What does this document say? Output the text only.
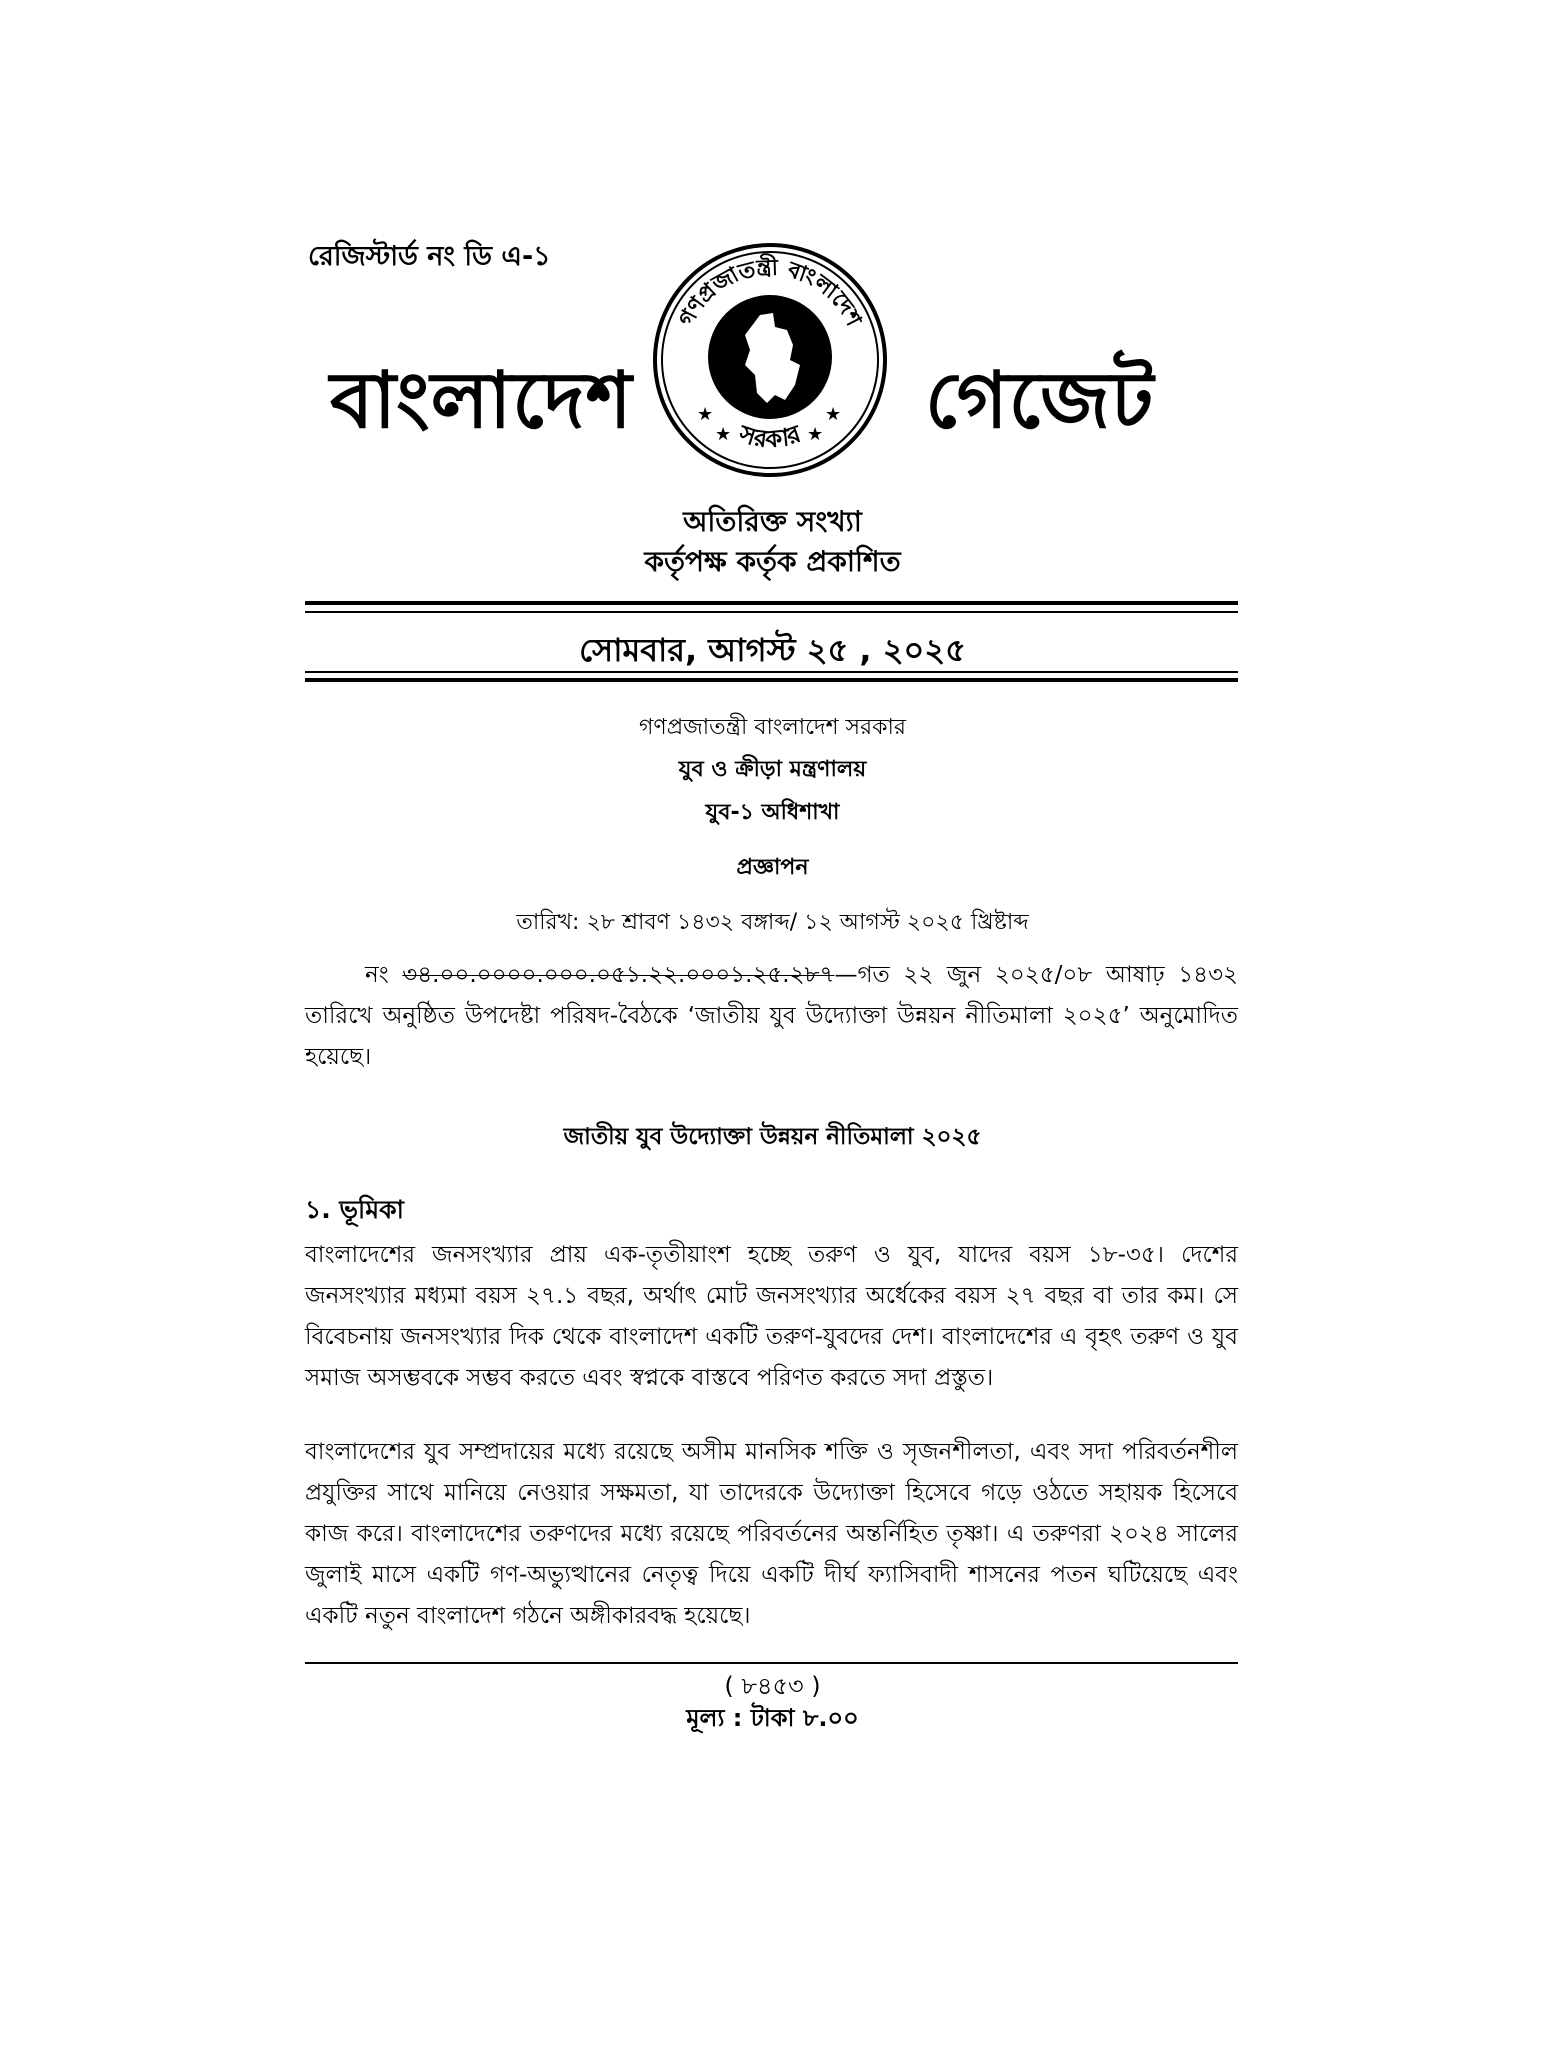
রেজিস্টার্ড নং ডি এ-১
বাংলাদেশ
গণপ্রজাতন্ত্রী বাংলাদেশ
সরকার
★
★
★
★ গেজেট
অতিরিক্ত সংখ্যা
কর্তৃপক্ষ কর্তৃক প্রকাশিত
সোমবার, আগস্ট ২৫ , ২০২৫
গণপ্রজাতন্ত্রী বাংলাদেশ সরকার
যুব ও ক্রীড়া মন্ত্রণালয়
যুব-১ অধিশাখা
প্রজ্ঞাপন
তারিখ: ২৮ শ্রাবণ ১৪৩২ বঙ্গাব্দ/ ১২ আগস্ট ২০২৫ খ্রিষ্টাব্দ
নং ৩৪.০০.০০০০.০০০.০৫১.২২.০০০১.২৫.২৮৭—গত ২২ জুন ২০২৫/০৮ আষাঢ় ১৪৩২ তারিখে অনুষ্ঠিত উপদেষ্টা পরিষদ-বৈঠকে ‘জাতীয় যুব উদ্যোক্তা উন্নয়ন নীতিমালা ২০২৫’ অনুমোদিত হয়েছে।
জাতীয় যুব উদ্যোক্তা উন্নয়ন নীতিমালা ২০২৫
১. ভূমিকা
বাংলাদেশের জনসংখ্যার প্রায় এক-তৃতীয়াংশ হচ্ছে তরুণ ও যুব, যাদের বয়স ১৮-৩৫। দেশের জনসংখ্যার মধ্যমা বয়স ২৭.১ বছর, অর্থাৎ মোট জনসংখ্যার অর্ধেকের বয়স ২৭ বছর বা তার কম। সে বিবেচনায় জনসংখ্যার দিক থেকে বাংলাদেশ একটি তরুণ-যুবদের দেশ। বাংলাদেশের এ বৃহৎ তরুণ ও যুব সমাজ অসম্ভবকে সম্ভব করতে এবং স্বপ্নকে বাস্তবে পরিণত করতে সদা প্রস্তুত।
বাংলাদেশের যুব সম্প্রদায়ের মধ্যে রয়েছে অসীম মানসিক শক্তি ও সৃজনশীলতা, এবং সদা পরিবর্তনশীল প্রযুক্তির সাথে মানিয়ে নেওয়ার সক্ষমতা, যা তাদেরকে উদ্যোক্তা হিসেবে গড়ে ওঠতে সহায়ক হিসেবে কাজ করে। বাংলাদেশের তরুণদের মধ্যে রয়েছে পরিবর্তনের অন্তর্নিহিত তৃষ্ণা। এ তরুণরা ২০২৪ সালের জুলাই মাসে একটি গণ-অভ্যুত্থানের নেতৃত্ব দিয়ে একটি দীর্ঘ ফ্যাসিবাদী শাসনের পতন ঘটিয়েছে এবং একটি নতুন বাংলাদেশ গঠনে অঙ্গীকারবদ্ধ হয়েছে।
( ৮৪৫৩ )
মূল্য : টাকা ৮.০০
